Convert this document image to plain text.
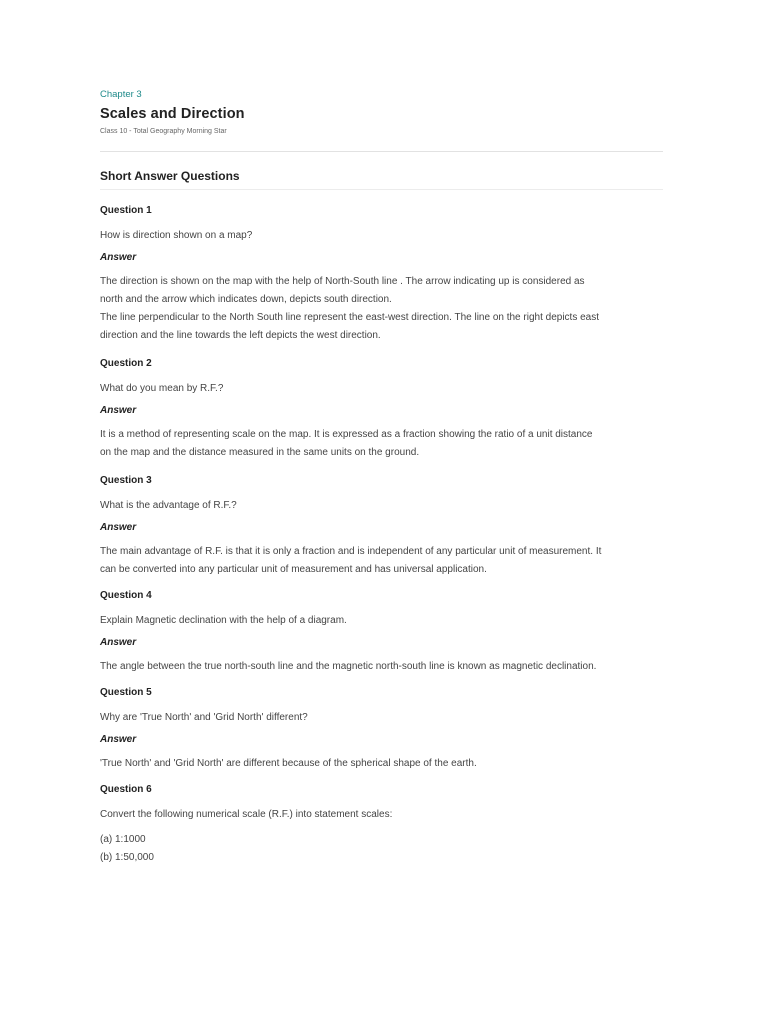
Chapter 3

Scales and Direction

Class 10 - Total Geography Morning Star

Short Answer Questions

Question 1

How is direction shown on a map?

Answer

The direction is shown on the map with the help of North-South line . The arrow indicating up is considered as

north and the arrow which indicates down, depicts south direction.

The line perpendicular to the North South line represent the east-west direction. The line on the right depicts east

direction and the line towards the left depicts the west direction.

Question 2

What do you mean by R.F.?

Answer

It is a method of representing scale on the map. It is expressed as a fraction showing the ratio of a unit distance

on the map and the distance measured in the same units on the ground.

Question 3

What is the advantage of R.F.?

Answer

The main advantage of R.F. is that it is only a fraction and is independent of any particular unit of measurement. It

can be converted into any particular unit of measurement and has universal application.

Question 4

Explain Magnetic declination with the help of a diagram.

Answer

The angle between the true north-south line and the magnetic north-south line is known as magnetic declination.

Question 5

Why are 'True North' and 'Grid North' different?

Answer

'True North' and 'Grid North' are different because of the spherical shape of the earth.

Question 6

Convert the following numerical scale (R.F.) into statement scales:

(a) 1:1000

(b) 1:50,000
